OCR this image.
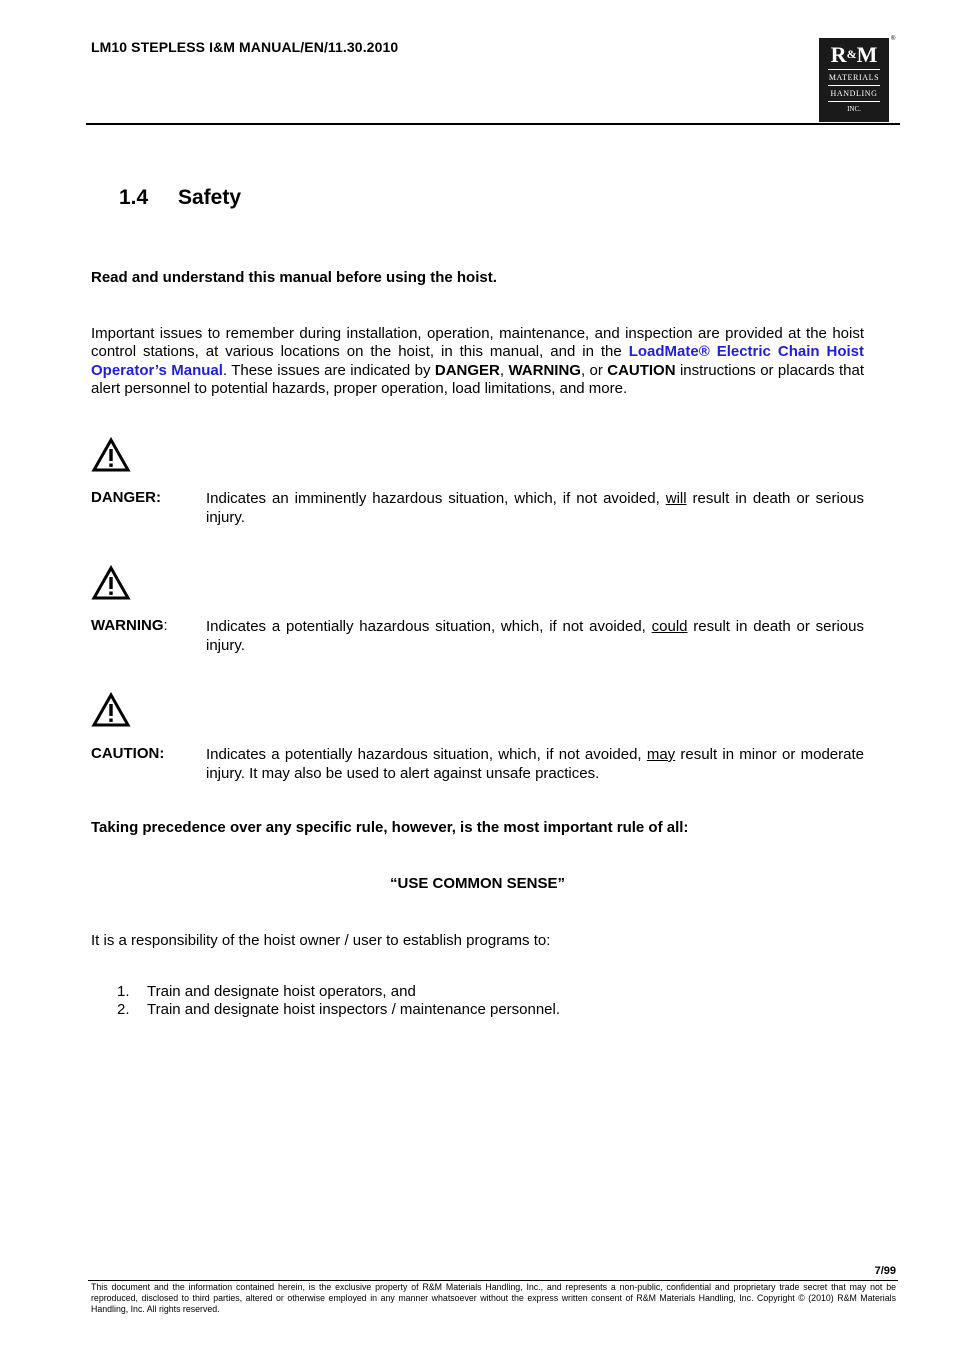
LM10 STEPLESS I&M MANUAL/EN/11.30.2010	R&M
MATERIALS
HANDLING
INC.
®
1.4 Safety
Read and understand this manual before using the hoist.
Important issues to remember during installation, operation, maintenance, and inspection are provided at the hoist control stations, at various locations on the hoist, in this manual, and in the LoadMate® Electric Chain Hoist Operator’s Manual. These issues are indicated by DANGER, WARNING, or CAUTION instructions or placards that alert personnel to potential hazards, proper operation, load limitations, and more.
DANGER:	Indicates an imminently hazardous situation, which, if not avoided, will result in death or serious injury.
WARNING:	Indicates a potentially hazardous situation, which, if not avoided, could result in death or serious injury.
CAUTION:	Indicates a potentially hazardous situation, which, if not avoided, may result in minor or moderate injury. It may also be used to alert against unsafe practices.
Taking precedence over any specific rule, however, is the most important rule of all:
“USE COMMON SENSE”
It is a responsibility of the hoist owner / user to establish programs to:
1.	Train and designate hoist operators, and
2.	Train and designate hoist inspectors / maintenance personnel.
7/99
This document and the information contained herein, is the exclusive property of R&M Materials Handling, Inc., and represents a non-public, confidential and proprietary trade secret that may not be reproduced, disclosed to third parties, altered or otherwise employed in any manner whatsoever without the express written consent of R&M Materials Handling, Inc. Copyright © (2010) R&M Materials Handling, Inc. All rights reserved.
